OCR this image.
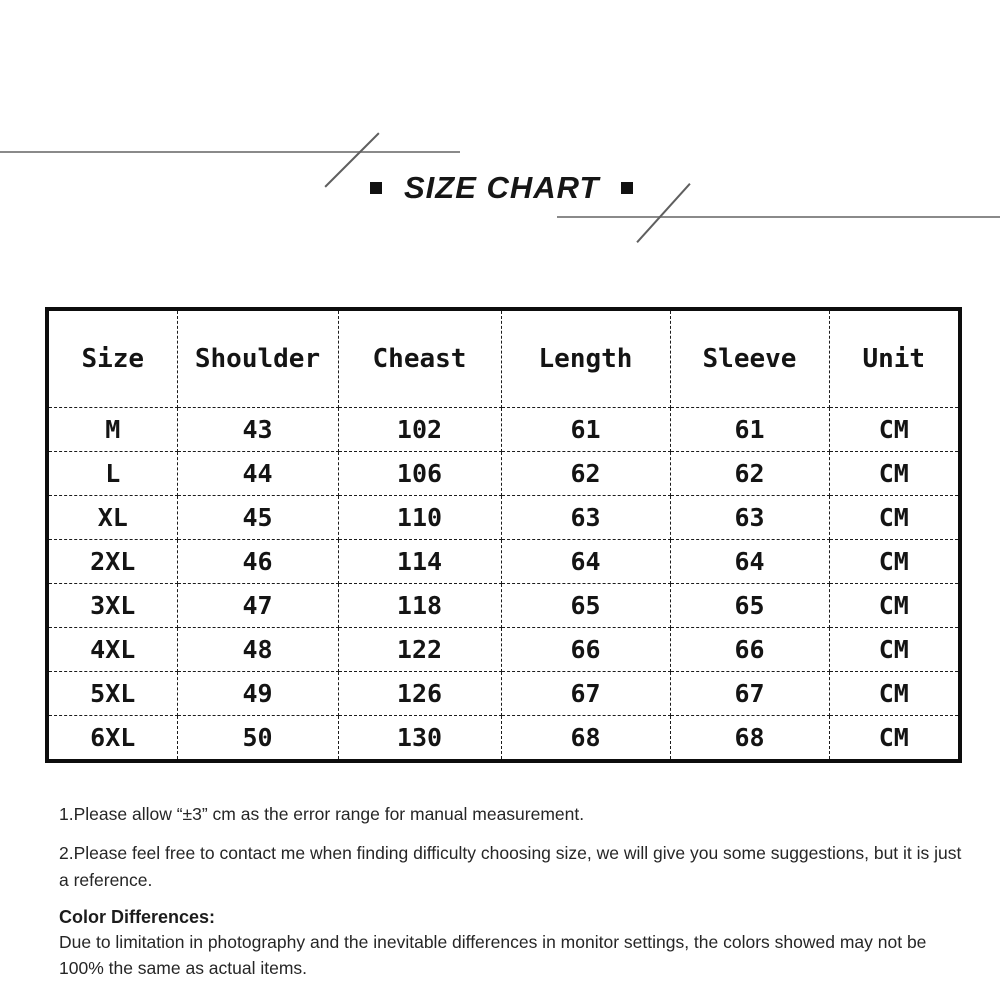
SIZE CHART
Size	Shoulder	Cheast	Length	Sleeve	Unit
M	43	102	61	61	CM
L	44	106	62	62	CM
XL	45	110	63	63	CM
2XL	46	114	64	64	CM
3XL	47	118	65	65	CM
4XL	48	122	66	66	CM
5XL	49	126	67	67	CM
6XL	50	130	68	68	CM

1.Please allow “±3” cm as the error range for manual measurement.

2.Please feel free to contact me when finding difficulty choosing size, we will give you some suggestions, but it is just a reference.

Color Differences:

Due to limitation in photography and the inevitable differences in monitor settings, the colors showed may not be 100% the same as actual items.
